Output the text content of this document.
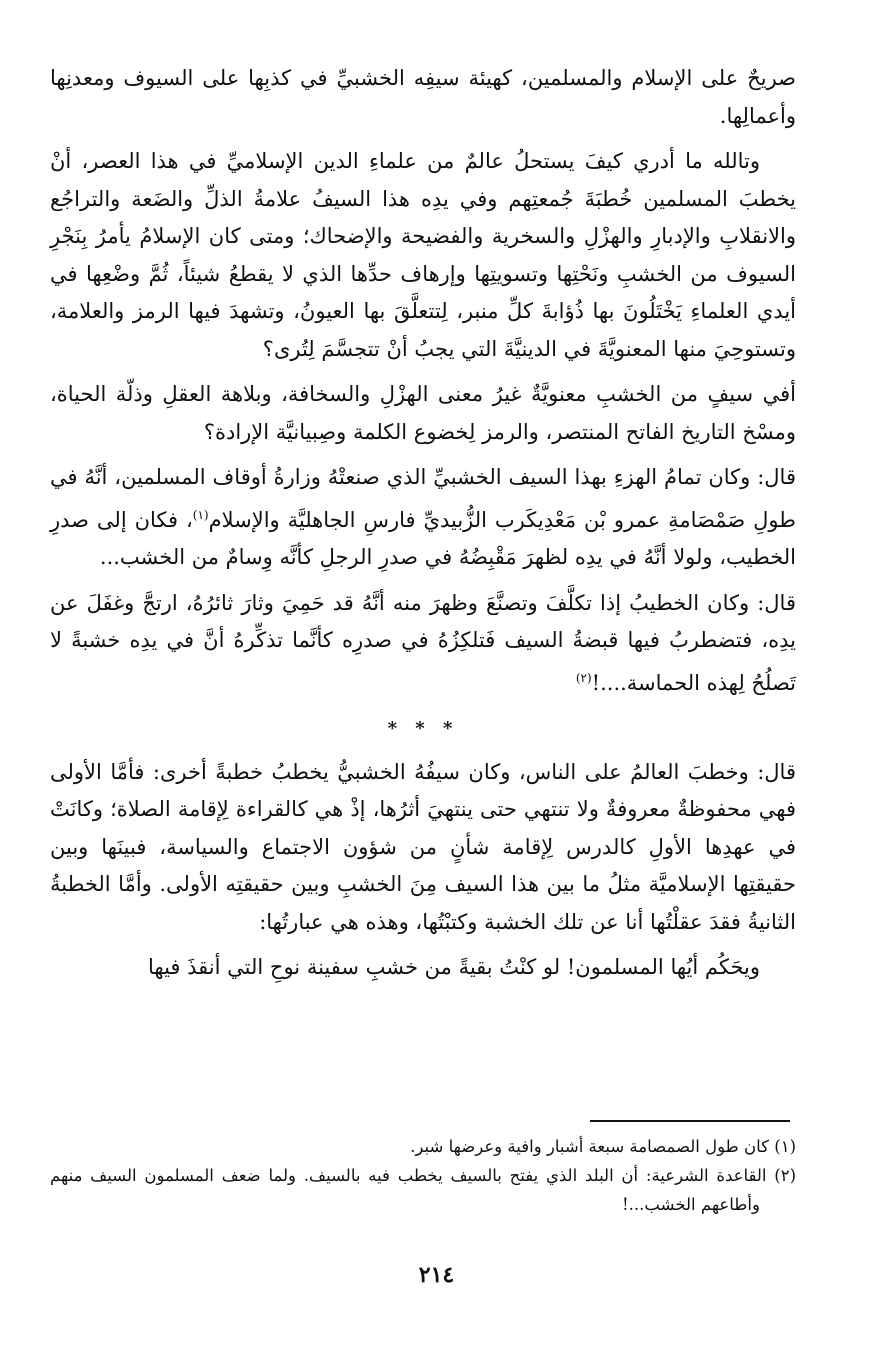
صريحٌ على الإسلام والمسلمين، كهيئة سيفِه الخشبيِّ في كذبِها على السيوف ومعدنِها وأعمالِها.

وتالله ما أدري كيفَ يستحلُ عالمٌ من علماءِ الدين الإسلاميِّ في هذا العصر، أنْ يخطبَ المسلمين خُطبَةَ جُمعتِهم وفي يدِه هذا السيفُ علامةُ الذلِّ والضَعة والتراجُع والانقلابِ والإدبارِ والهزْلِ والسخرية والفضيحة والإضحاك؛ ومتى كان الإسلامُ يأمرُ بِنَجْرِ السيوف من الخشبِ ونَحْتِها وتسويتِها وإرهاف حدِّها الذي لا يقطعُ شيئاً، ثُمَّ وضْعِها في أيدي العلماءِ يَخْتَلُونَ بها ذُؤابةَ كلِّ منبر، لِتتعلَّقَ بها العيونُ، وتشهدَ فيها الرمز والعلامة، وتستوحِيَ منها المعنويَّةَ في الدينيَّةَ التي يجبُ أنْ تتجسَّمَ لِتُرى؟

أفي سيفٍ من الخشبِ معنويَّةٌ غيرُ معنى الهزْلِ والسخافة، وبلاهة العقلِ وذلّة الحياة، ومسْخ التاريخ الفاتح المنتصر، والرمز لِخضوع الكلمة وصِبيانيَّة الإرادة؟

قال: وكان تمامُ الهزءِ بهذا السيف الخشبيِّ الذي صنعتْهُ وزارةُ أوقاف المسلمين، أنَّهُ في طولِ صَمْصَامةِ عمرو بْن مَعْدِيكَرب الزُّبيديِّ فارسِ الجاهليَّة والإسلام$^{(١)}$، فكان إلى صدرِ الخطيب، ولولا أنَّهُ في يدِه لظهرَ مَقْبِضُهُ في صدرِ الرجلِ كأنَّه وِسامٌ من الخشب...

قال: وكان الخطيبُ إذا تكلَّفَ وتصنَّعَ وظهرَ منه أنَّهُ قد حَمِيَ وثارَ ثائرُهُ، ارتجَّ وغفَلَ عن يدِه، فتضطربُ فيها قبضةُ السيف فَتلكِزُهُ في صدرِه كأنَّما تذكِّرهُ أنَّ في يدِه خشبةً لا تَصلُحُ لِهذه الحماسة....!$^{(٢)}$

* * *

قال: وخطبَ العالمُ على الناس، وكان سيفُهُ الخشبيُّ يخطبُ خطبةً أخرى: فأمَّا الأولى فهي محفوظةٌ معروفةٌ ولا تنتهي حتى ينتهيَ أثرُها، إذْ هي كالقراءة لِإقامة الصلاة؛ وكانَتْ في عهدِها الأولِ كالدرس لِإقامة شأنٍ من شؤون الاجتماع والسياسة، فبينَها وبين حقيقتِها الإسلاميَّة مثلُ ما بين هذا السيف مِنَ الخشبِ وبين حقيقتِه الأولى. وأمَّا الخطبةُ الثانيةُ فقدَ عقلْتُها أنا عن تلك الخشبة وكتبْتُها، وهذه هي عبارتُها:

ويحَكُم أيُها المسلمون! لو كنْتُ بقيةً من خشبِ سفينة نوحِ التي أنقذَ فيها

(١) كان طول الصمصامة سبعة أشبار وافية وعرضها شبر.

(٢) القاعدة الشرعية: أن البلد الذي يفتح بالسيف يخطب فيه بالسيف. ولما ضعف المسلمون السيف منهم وأطاعهم الخشب...!

٢١٤
